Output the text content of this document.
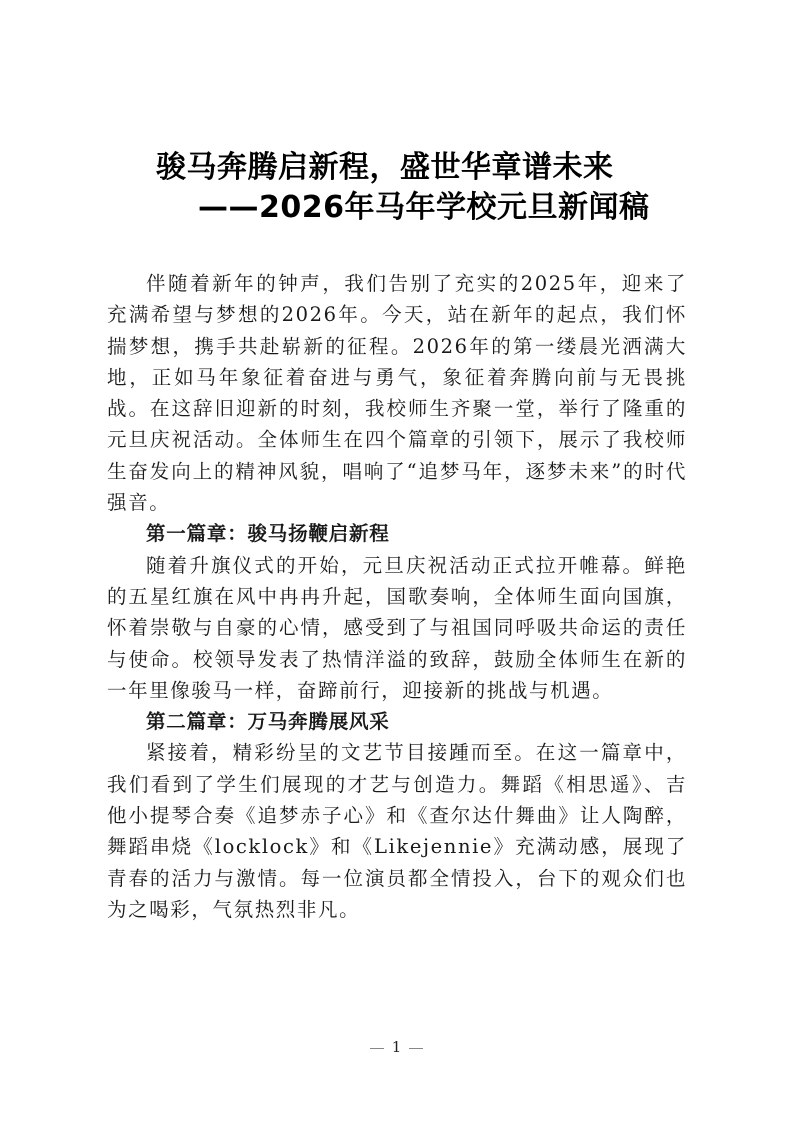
骏马奔腾启新程，盛世华章谱未来
——2026年马年学校元旦新闻稿

伴随着新年的钟声，我们告别了充实的2025年，迎来了充满希望与梦想的2026年。今天，站在新年的起点，我们怀揣梦想，携手共赴崭新的征程。2026年的第一缕晨光洒满大地，正如马年象征着奋进与勇气，象征着奔腾向前与无畏挑战。在这辞旧迎新的时刻，我校师生齐聚一堂，举行了隆重的元旦庆祝活动。全体师生在四个篇章的引领下，展示了我校师生奋发向上的精神风貌，唱响了“追梦马年，逐梦未来”的时代强音。

第一篇章：骏马扬鞭启新程

随着升旗仪式的开始，元旦庆祝活动正式拉开帷幕。鲜艳的五星红旗在风中冉冉升起，国歌奏响，全体师生面向国旗，怀着崇敬与自豪的心情，感受到了与祖国同呼吸共命运的责任与使命。校领导发表了热情洋溢的致辞，鼓励全体师生在新的一年里像骏马一样，奋蹄前行，迎接新的挑战与机遇。

第二篇章：万马奔腾展风采

紧接着，精彩纷呈的文艺节目接踵而至。在这一篇章中，我们看到了学生们展现的才艺与创造力。舞蹈《相思遥》、吉他小提琴合奏《追梦赤子心》和《查尔达什舞曲》让人陶醉，舞蹈串烧《locklock》和《Likejennie》充满动感，展现了青春的活力与激情。每一位演员都全情投入，台下的观众们也为之喝彩，气氛热烈非凡。

1
